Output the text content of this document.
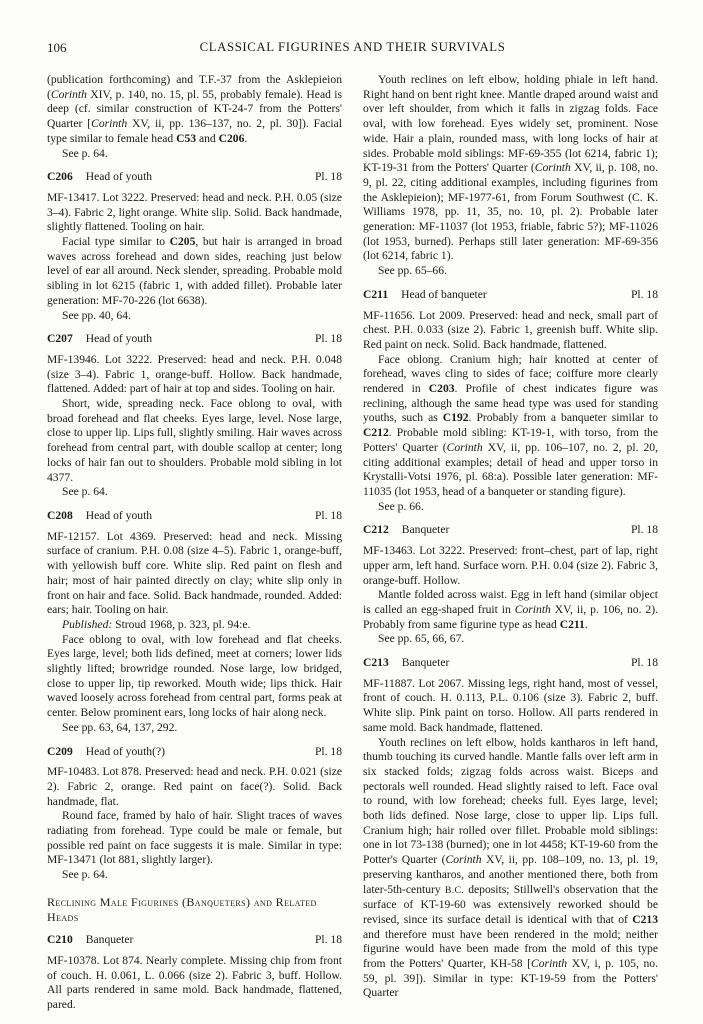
106	CLASSICAL FIGURINES AND THEIR SURVIVALS

(publication forthcoming) and T.F.-37 from the Asklepieion (Corinth XIV, p. 140, no. 15, pl. 55, probably female). Head is deep (cf. similar construction of KT-24-7 from the Potters' Quarter [Corinth XV, ii, pp. 136–137, no. 2, pl. 30]). Facial type similar to female head C53 and C206.

See p. 64.

C206 Head of youth	Pl. 18

MF-13417. Lot 3222. Preserved: head and neck. P.H. 0.05 (size 3–4). Fabric 2, light orange. White slip. Solid. Back handmade, slightly flattened. Tooling on hair.

Facial type similar to C205, but hair is arranged in broad waves across forehead and down sides, reaching just below level of ear all around. Neck slender, spreading. Probable mold sibling in lot 6215 (fabric 1, with added fillet). Probable later generation: MF-70-226 (lot 6638).

See pp. 40, 64.

C207 Head of youth	Pl. 18

MF-13946. Lot 3222. Preserved: head and neck. P.H. 0.048 (size 3–4). Fabric 1, orange-buff. Hollow. Back handmade, flattened. Added: part of hair at top and sides. Tooling on hair.

Short, wide, spreading neck. Face oblong to oval, with broad forehead and flat cheeks. Eyes large, level. Nose large, close to upper lip. Lips full, slightly smiling. Hair waves across forehead from central part, with double scallop at center; long locks of hair fan out to shoulders. Probable mold sibling in lot 4377.

See p. 64.

C208 Head of youth	Pl. 18

MF-12157. Lot 4369. Preserved: head and neck. Missing surface of cranium. P.H. 0.08 (size 4–5). Fabric 1, orange-buff, with yellowish buff core. White slip. Red paint on flesh and hair; most of hair painted directly on clay; white slip only in front on hair and face. Solid. Back handmade, rounded. Added: ears; hair. Tooling on hair.

Published: Stroud 1968, p. 323, pl. 94:e.

Face oblong to oval, with low forehead and flat cheeks. Eyes large, level; both lids defined, meet at corners; lower lids slightly lifted; browridge rounded. Nose large, low bridged, close to upper lip, tip reworked. Mouth wide; lips thick. Hair waved loosely across forehead from central part, forms peak at center. Below prominent ears, long locks of hair along neck.

See pp. 63, 64, 137, 292.

C209 Head of youth(?)	Pl. 18

MF-10483. Lot 878. Preserved: head and neck. P.H. 0.021 (size 2). Fabric 2, orange. Red paint on face(?). Solid. Back handmade, flat.

Round face, framed by halo of hair. Slight traces of waves radiating from forehead. Type could be male or female, but possible red paint on face suggests it is male. Similar in type: MF-13471 (lot 881, slightly larger).

See p. 64.

Reclining Male Figurines (Banqueters) and Related Heads
C210 Banqueter	Pl. 18

MF-10378. Lot 874. Nearly complete. Missing chip from front of couch. H. 0.061, L. 0.066 (size 2). Fabric 3, buff. Hollow. All parts rendered in same mold. Back handmade, flattened, pared.

Youth reclines on left elbow, holding phiale in left hand. Right hand on bent right knee. Mantle draped around waist and over left shoulder, from which it falls in zigzag folds. Face oval, with low forehead. Eyes widely set, prominent. Nose wide. Hair a plain, rounded mass, with long locks of hair at sides. Probable mold siblings: MF-69-355 (lot 6214, fabric 1); KT-19-31 from the Potters' Quarter (Corinth XV, ii, p. 108, no. 9, pl. 22, citing additional examples, including figurines from the Asklepieion); MF-1977-61, from Forum Southwest (C. K. Williams 1978, pp. 11, 35, no. 10, pl. 2). Probable later generation: MF-11037 (lot 1953, friable, fabric 5?); MF-11026 (lot 1953, burned). Perhaps still later generation: MF-69-356 (lot 6214, fabric 1).

See pp. 65–66.

C211 Head of banqueter	Pl. 18

MF-11656. Lot 2009. Preserved: head and neck, small part of chest. P.H. 0.033 (size 2). Fabric 1, greenish buff. White slip. Red paint on neck. Solid. Back handmade, flattened.

Face oblong. Cranium high; hair knotted at center of forehead, waves cling to sides of face; coiffure more clearly rendered in C203. Profile of chest indicates figure was reclining, although the same head type was used for standing youths, such as C192. Probably from a banqueter similar to C212. Probable mold sibling: KT-19-1, with torso, from the Potters' Quarter (Corinth XV, ii, pp. 106–107, no. 2, pl. 20, citing additional examples; detail of head and upper torso in Krystalli-Votsi 1976, pl. 68:a). Possible later generation: MF-11035 (lot 1953, head of a banqueter or standing figure).

See p. 66.

C212 Banqueter	Pl. 18

MF-13463. Lot 3222. Preserved: front–chest, part of lap, right upper arm, left hand. Surface worn. P.H. 0.04 (size 2). Fabric 3, orange-buff. Hollow.

Mantle folded across waist. Egg in left hand (similar object is called an egg-shaped fruit in Corinth XV, ii, p. 106, no. 2). Probably from same figurine type as head C211.

See pp. 65, 66, 67.

C213 Banqueter	Pl. 18

MF-11887. Lot 2067. Missing legs, right hand, most of vessel, front of couch. H. 0.113, P.L. 0.106 (size 3). Fabric 2, buff. White slip. Pink paint on torso. Hollow. All parts rendered in same mold. Back handmade, flattened.

Youth reclines on left elbow, holds kantharos in left hand, thumb touching its curved handle. Mantle falls over left arm in six stacked folds; zigzag folds across waist. Biceps and pectorals well rounded. Head slightly raised to left. Face oval to round, with low forehead; cheeks full. Eyes large, level; both lids defined. Nose large, close to upper lip. Lips full. Cranium high; hair rolled over fillet. Probable mold siblings: one in lot 73-138 (burned); one in lot 4458; KT-19-60 from the Potter's Quarter (Corinth XV, ii, pp. 108–109, no. 13, pl. 19, preserving kantharos, and another mentioned there, both from later-5th-century B.C. deposits; Stillwell's observation that the surface of KT-19-60 was extensively reworked should be revised, since its surface detail is identical with that of C213 and therefore must have been rendered in the mold; neither figurine would have been made from the mold of this type from the Potters' Quarter, KH-58 [Corinth XV, i, p. 105, no. 59, pl. 39]). Similar in type: KT-19-59 from the Potters' Quarter
